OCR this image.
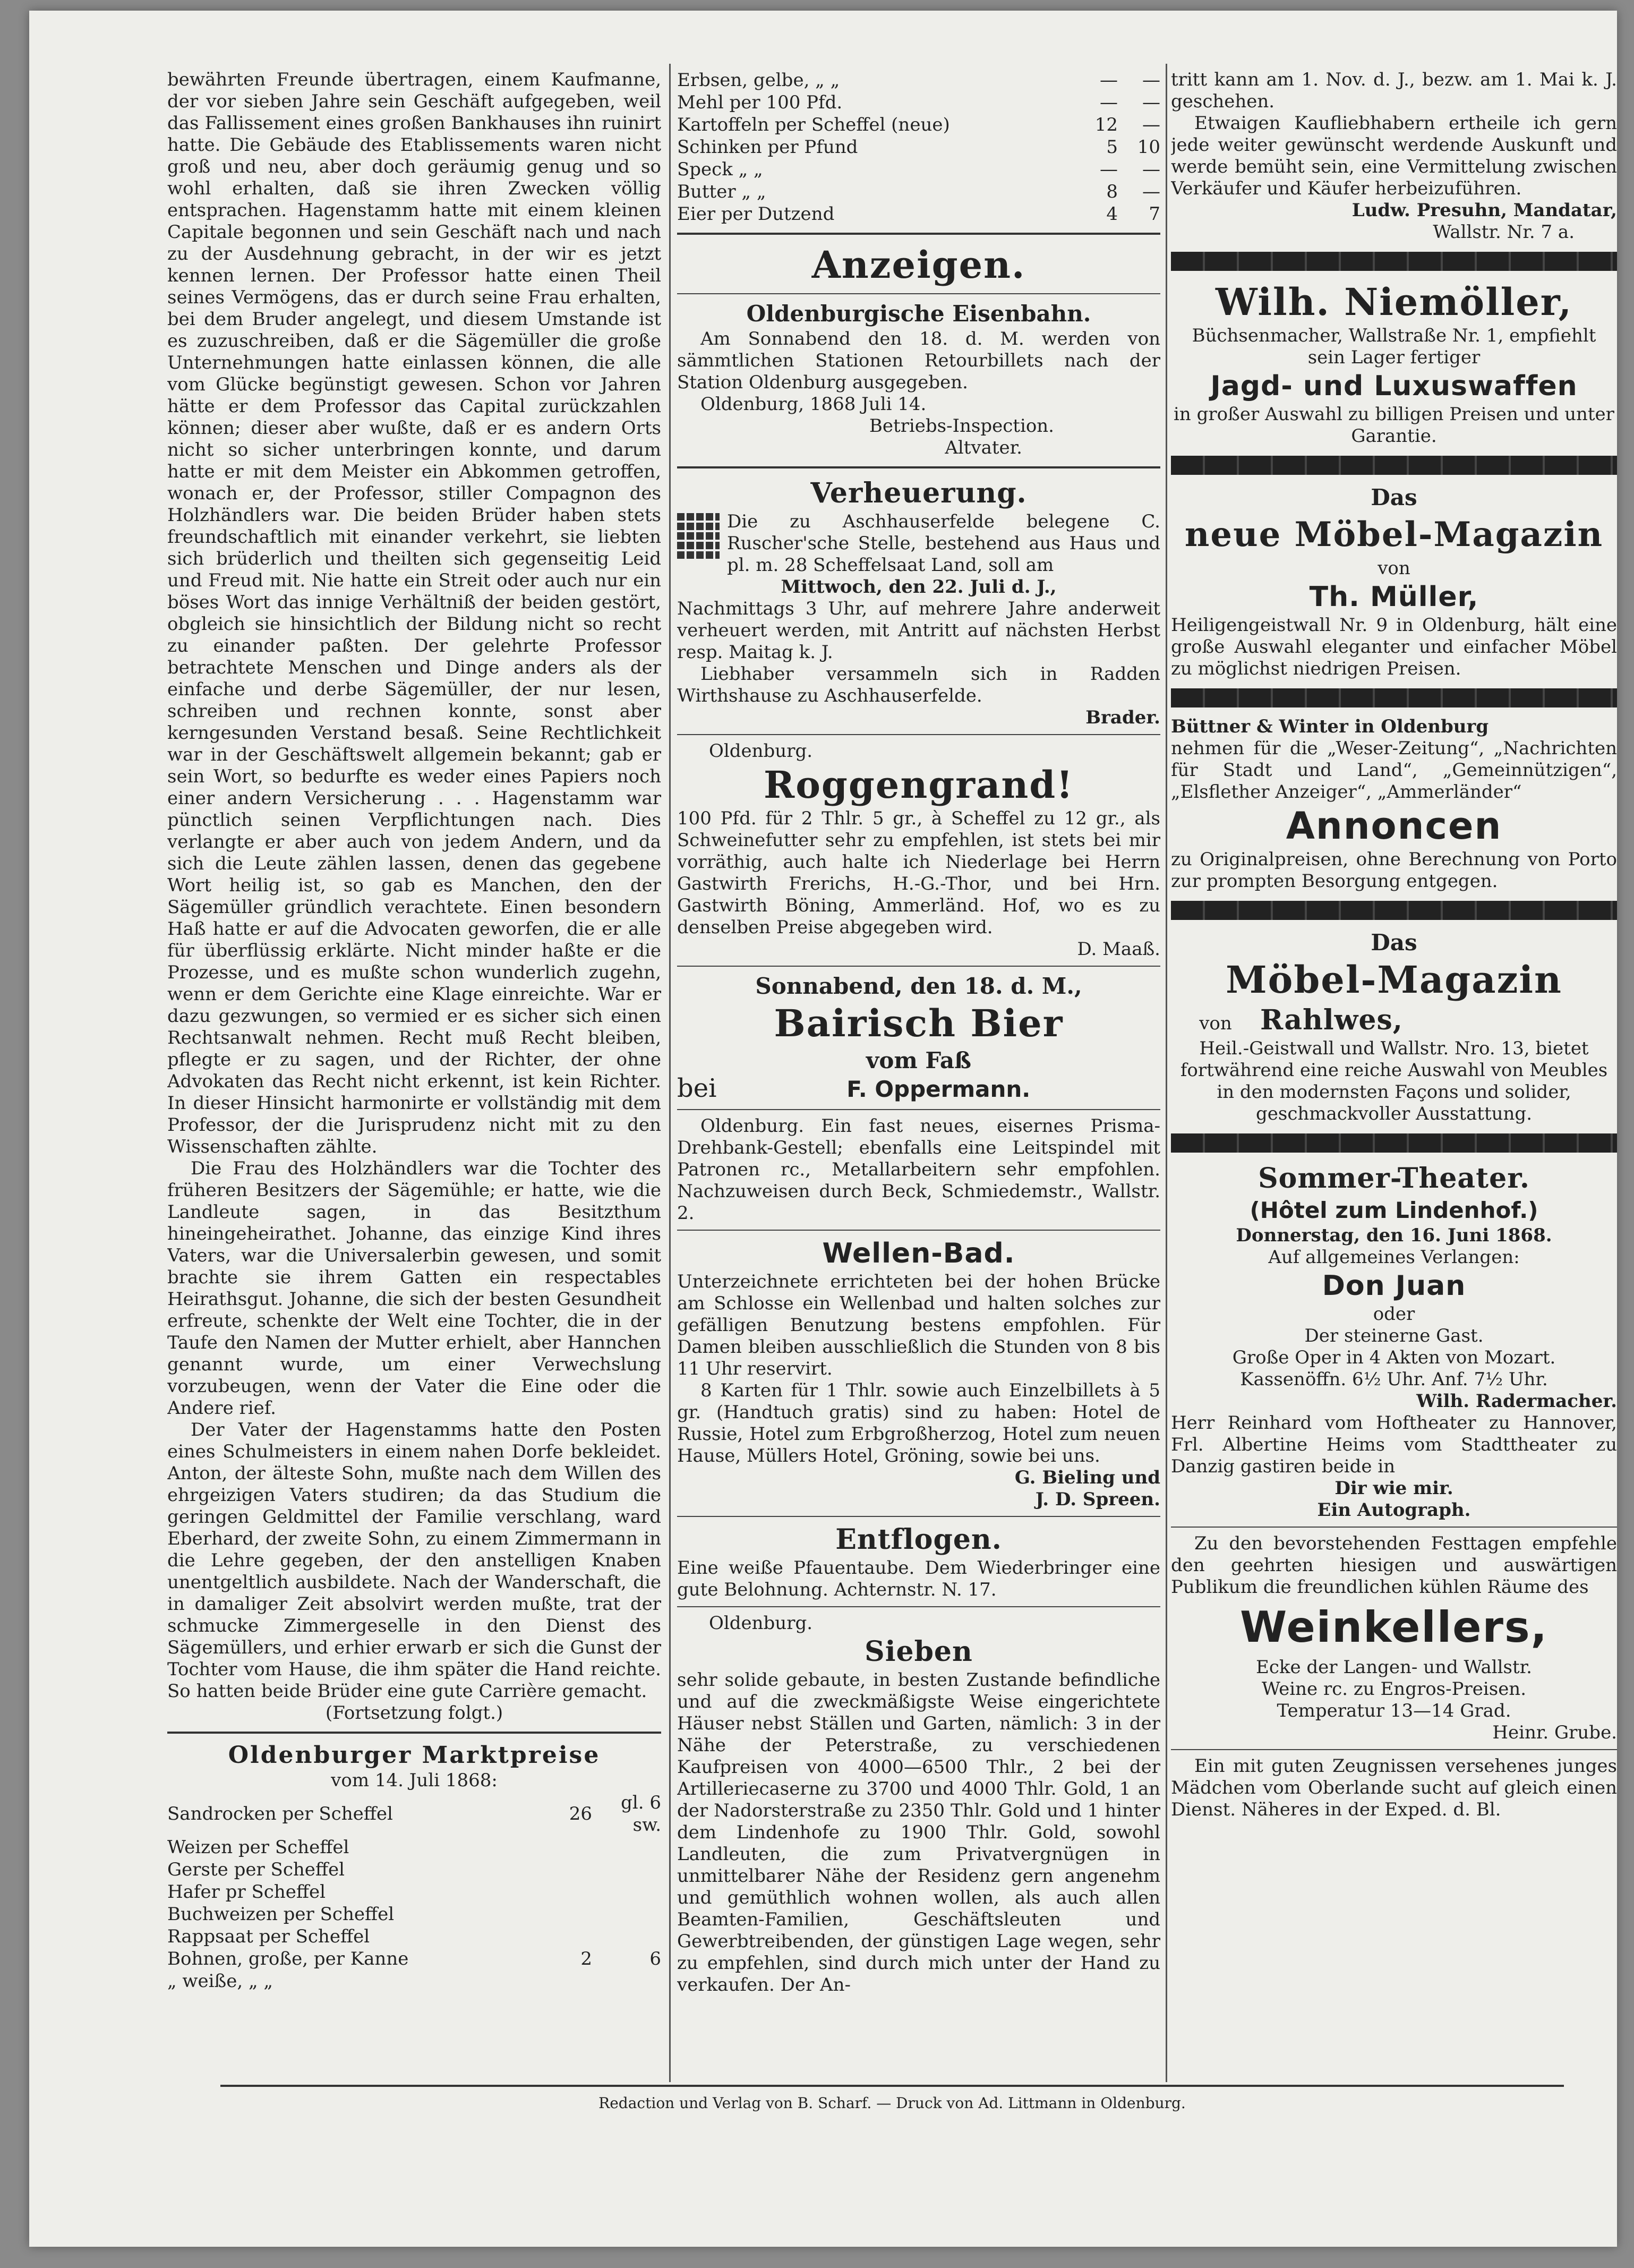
bewährten Freunde übertragen, einem Kaufmanne, der vor sieben Jahre sein Geschäft aufgegeben, weil das Fallissement eines großen Bankhauses ihn ruinirt hatte. Die Gebäude des Etablissements waren nicht groß und neu, aber doch geräumig genug und so wohl erhalten, daß sie ihren Zwecken völlig entsprachen. Hagenstamm hatte mit einem kleinen Capitale begonnen und sein Geschäft nach und nach zu der Ausdehnung gebracht, in der wir es jetzt kennen lernen. Der Professor hatte einen Theil seines Vermögens, das er durch seine Frau erhalten, bei dem Bruder angelegt, und diesem Umstande ist es zuzuschreiben, daß er die Sägemüller die große Unternehmungen hatte einlassen können, die alle vom Glücke begünstigt gewesen. Schon vor Jahren hätte er dem Professor das Capital zurückzahlen können; dieser aber wußte, daß er es andern Orts nicht so sicher unterbringen konnte, und darum hatte er mit dem Meister ein Abkommen getroffen, wonach er, der Professor, stiller Compagnon des Holzhändlers war. Die beiden Brüder haben stets freundschaftlich mit einander verkehrt, sie liebten sich brüderlich und theilten sich gegenseitig Leid und Freud mit. Nie hatte ein Streit oder auch nur ein böses Wort das innige Verhältniß der beiden gestört, obgleich sie hinsichtlich der Bildung nicht so recht zu einander paßten. Der gelehrte Professor betrachtete Menschen und Dinge anders als der einfache und derbe Sägemüller, der nur lesen, schreiben und rechnen konnte, sonst aber kerngesunden Verstand besaß. Seine Rechtlichkeit war in der Geschäftswelt allgemein bekannt; gab er sein Wort, so bedurfte es weder eines Papiers noch einer andern Versicherung . . . Hagenstamm war pünctlich seinen Verpflichtungen nach. Dies verlangte er aber auch von jedem Andern, und da sich die Leute zählen lassen, denen das gegebene Wort heilig ist, so gab es Manchen, den der Sägemüller gründlich verachtete. Einen besondern Haß hatte er auf die Advocaten geworfen, die er alle für überflüssig erklärte. Nicht minder haßte er die Prozesse, und es mußte schon wunderlich zugehn, wenn er dem Gerichte eine Klage einreichte. War er dazu gezwungen, so vermied er es sicher sich einen Rechtsanwalt nehmen. Recht muß Recht bleiben, pflegte er zu sagen, und der Richter, der ohne Advokaten das Recht nicht erkennt, ist kein Richter. In dieser Hinsicht harmonirte er vollständig mit dem Professor, der die Jurisprudenz nicht mit zu den Wissenschaften zählte.

Die Frau des Holzhändlers war die Tochter des früheren Besitzers der Sägemühle; er hatte, wie die Landleute sagen, in das Besitzthum hineingeheirathet. Johanne, das einzige Kind ihres Vaters, war die Universalerbin gewesen, und somit brachte sie ihrem Gatten ein respectables Heirathsgut. Johanne, die sich der besten Gesundheit erfreute, schenkte der Welt eine Tochter, die in der Taufe den Namen der Mutter erhielt, aber Hannchen genannt wurde, um einer Verwechslung vorzubeugen, wenn der Vater die Eine oder die Andere rief.

Der Vater der Hagenstamms hatte den Posten eines Schulmeisters in einem nahen Dorfe bekleidet. Anton, der älteste Sohn, mußte nach dem Willen des ehrgeizigen Vaters studiren; da das Studium die geringen Geldmittel der Familie verschlang, ward Eberhard, der zweite Sohn, zu einem Zimmermann in die Lehre gegeben, der den anstelligen Knaben unentgeltlich ausbildete. Nach der Wanderschaft, die in damaliger Zeit absolvirt werden mußte, trat der schmucke Zimmergeselle in den Dienst des Sägemüllers, und erhier erwarb er sich die Gunst der Tochter vom Hause, die ihm später die Hand reichte. So hatten beide Brüder eine gute Carrière gemacht.

(Fortsetzung folgt.)

Oldenburger Marktpreise

vom 14. Juli 1868:

Sandrocken per Scheffel	26	gl. 6 sw.
Weizen per Scheffel		
Gerste per Scheffel		
Hafer pr Scheffel		
Buchweizen per Scheffel		
Rappsaat per Scheffel		
Bohnen, große, per Kanne	2	6
„ weiße, „ „		
Erbsen, gelbe, „ „	—	—
Mehl per 100 Pfd.	—	—
Kartoffeln per Scheffel (neue)	12	—
Schinken per Pfund	5	10
Speck „ „	—	—
Butter „ „	8	—
Eier per Dutzend	4	7
Anzeigen.
Oldenburgische Eisenbahn.

Am Sonnabend den 18. d. M. werden von sämmtlichen Stationen Retourbillets nach der Station Oldenburg ausgegeben.

Oldenburg, 1868 Juli 14.

Betriebs-Inspection.

Altvater.

Verheuerung.

Die zu Aschhauserfelde belegene C. Ruscher'sche Stelle, bestehend aus Haus und pl. m. 28 Scheffelsaat Land, soll am

Mittwoch, den 22. Juli d. J.,

Nachmittags 3 Uhr, auf mehrere Jahre anderweit verheuert werden, mit Antritt auf nächsten Herbst resp. Maitag k. J.

Liebhaber versammeln sich in Radden Wirthshause zu Aschhauserfelde.

Brader.

Oldenburg.

Roggengrand!

100 Pfd. für 2 Thlr. 5 gr., à Scheffel zu 12 gr., als Schweinefutter sehr zu empfehlen, ist stets bei mir vorräthig, auch halte ich Niederlage bei Herrn Gastwirth Frerichs, H.-G.-Thor, und bei Hrn. Gastwirth Böning, Ammerländ. Hof, wo es zu denselben Preise abgegeben wird.

D. Maaß.

Sonnabend, den 18. d. M.,
Bairisch Bier
vom Faß
bei	F. Oppermann.

Oldenburg. Ein fast neues, eisernes Prisma-Drehbank-Gestell; ebenfalls eine Leitspindel mit Patronen rc., Metallarbeitern sehr empfohlen. Nachzuweisen durch Beck, Schmiedemstr., Wallstr. 2.

Wellen-Bad.

Unterzeichnete errichteten bei der hohen Brücke am Schlosse ein Wellenbad und halten solches zur gefälligen Benutzung bestens empfohlen. Für Damen bleiben ausschließlich die Stunden von 8 bis 11 Uhr reservirt.

8 Karten für 1 Thlr. sowie auch Einzelbillets à 5 gr. (Handtuch gratis) sind zu haben: Hotel de Russie, Hotel zum Erbgroßherzog, Hotel zum neuen Hause, Müllers Hotel, Gröning, sowie bei uns.

G. Bieling und

J. D. Spreen.

Entflogen.

Eine weiße Pfauentaube. Dem Wiederbringer eine gute Belohnung. Achternstr. N. 17.

Oldenburg.

Sieben

sehr solide gebaute, in besten Zustande befindliche und auf die zweckmäßigste Weise eingerichtete Häuser nebst Ställen und Garten, nämlich: 3 in der Nähe der Peterstraße, zu verschiedenen Kaufpreisen von 4000—6500 Thlr., 2 bei der Artilleriecaserne zu 3700 und 4000 Thlr. Gold, 1 an der Nadorsterstraße zu 2350 Thlr. Gold und 1 hinter dem Lindenhofe zu 1900 Thlr. Gold, sowohl Landleuten, die zum Privatvergnügen in unmittelbarer Nähe der Residenz gern angenehm und gemüthlich wohnen wollen, als auch allen Beamten-Familien, Geschäftsleuten und Gewerbtreibenden, der günstigen Lage wegen, sehr zu empfehlen, sind durch mich unter der Hand zu verkaufen. Der An-

tritt kann am 1. Nov. d. J., bezw. am 1. Mai k. J. geschehen.

Etwaigen Kaufliebhabern ertheile ich gern jede weiter gewünscht werdende Auskunft und werde bemüht sein, eine Vermittelung zwischen Verkäufer und Käufer herbeizuführen.

Ludw. Presuhn, Mandatar,

Wallstr. Nr. 7 a.

Wilh. Niemöller,

Büchsenmacher, Wallstraße Nr. 1, empfiehlt sein Lager fertiger

Jagd- und Luxuswaffen

in großer Auswahl zu billigen Preisen und unter Garantie.

Das
neue Möbel-Magazin

von

Th. Müller,

Heiligengeistwall Nr. 9 in Oldenburg, hält eine große Auswahl eleganter und einfacher Möbel zu möglichst niedrigen Preisen.

Büttner & Winter in Oldenburg

nehmen für die „Weser-Zeitung“, „Nachrichten für Stadt und Land“, „Gemeinnützigen“, „Elsflether Anzeiger“, „Ammerländer“

Annoncen

zu Originalpreisen, ohne Berechnung von Porto zur prompten Besorgung entgegen.

Das
Möbel-Magazin

von Rahlwes,

Heil.-Geistwall und Wallstr. Nro. 13, bietet fortwährend eine reiche Auswahl von Meubles in den modernsten Façons und solider, geschmackvoller Ausstattung.

Sommer-Theater.
(Hôtel zum Lindenhof.)
Donnerstag, den 16. Juni 1868.

Auf allgemeines Verlangen:

Don Juan

oder

Der steinerne Gast.

Große Oper in 4 Akten von Mozart.

Kassenöffn. 6½ Uhr. Anf. 7½ Uhr.

Wilh. Radermacher.

Herr Reinhard vom Hoftheater zu Hannover, Frl. Albertine Heims vom Stadttheater zu Danzig gastiren beide in

Dir wie mir.

Ein Autograph.

Zu den bevorstehenden Festtagen empfehle den geehrten hiesigen und auswärtigen Publikum die freundlichen kühlen Räume des

Weinkellers,

Ecke der Langen- und Wallstr.

Weine rc. zu Engros-Preisen.

Temperatur 13—14 Grad.

Heinr. Grube.

Ein mit guten Zeugnissen versehenes junges Mädchen vom Oberlande sucht auf gleich einen Dienst. Näheres in der Exped. d. Bl.

Redaction und Verlag von B. Scharf. — Druck von Ad. Littmann in Oldenburg.
